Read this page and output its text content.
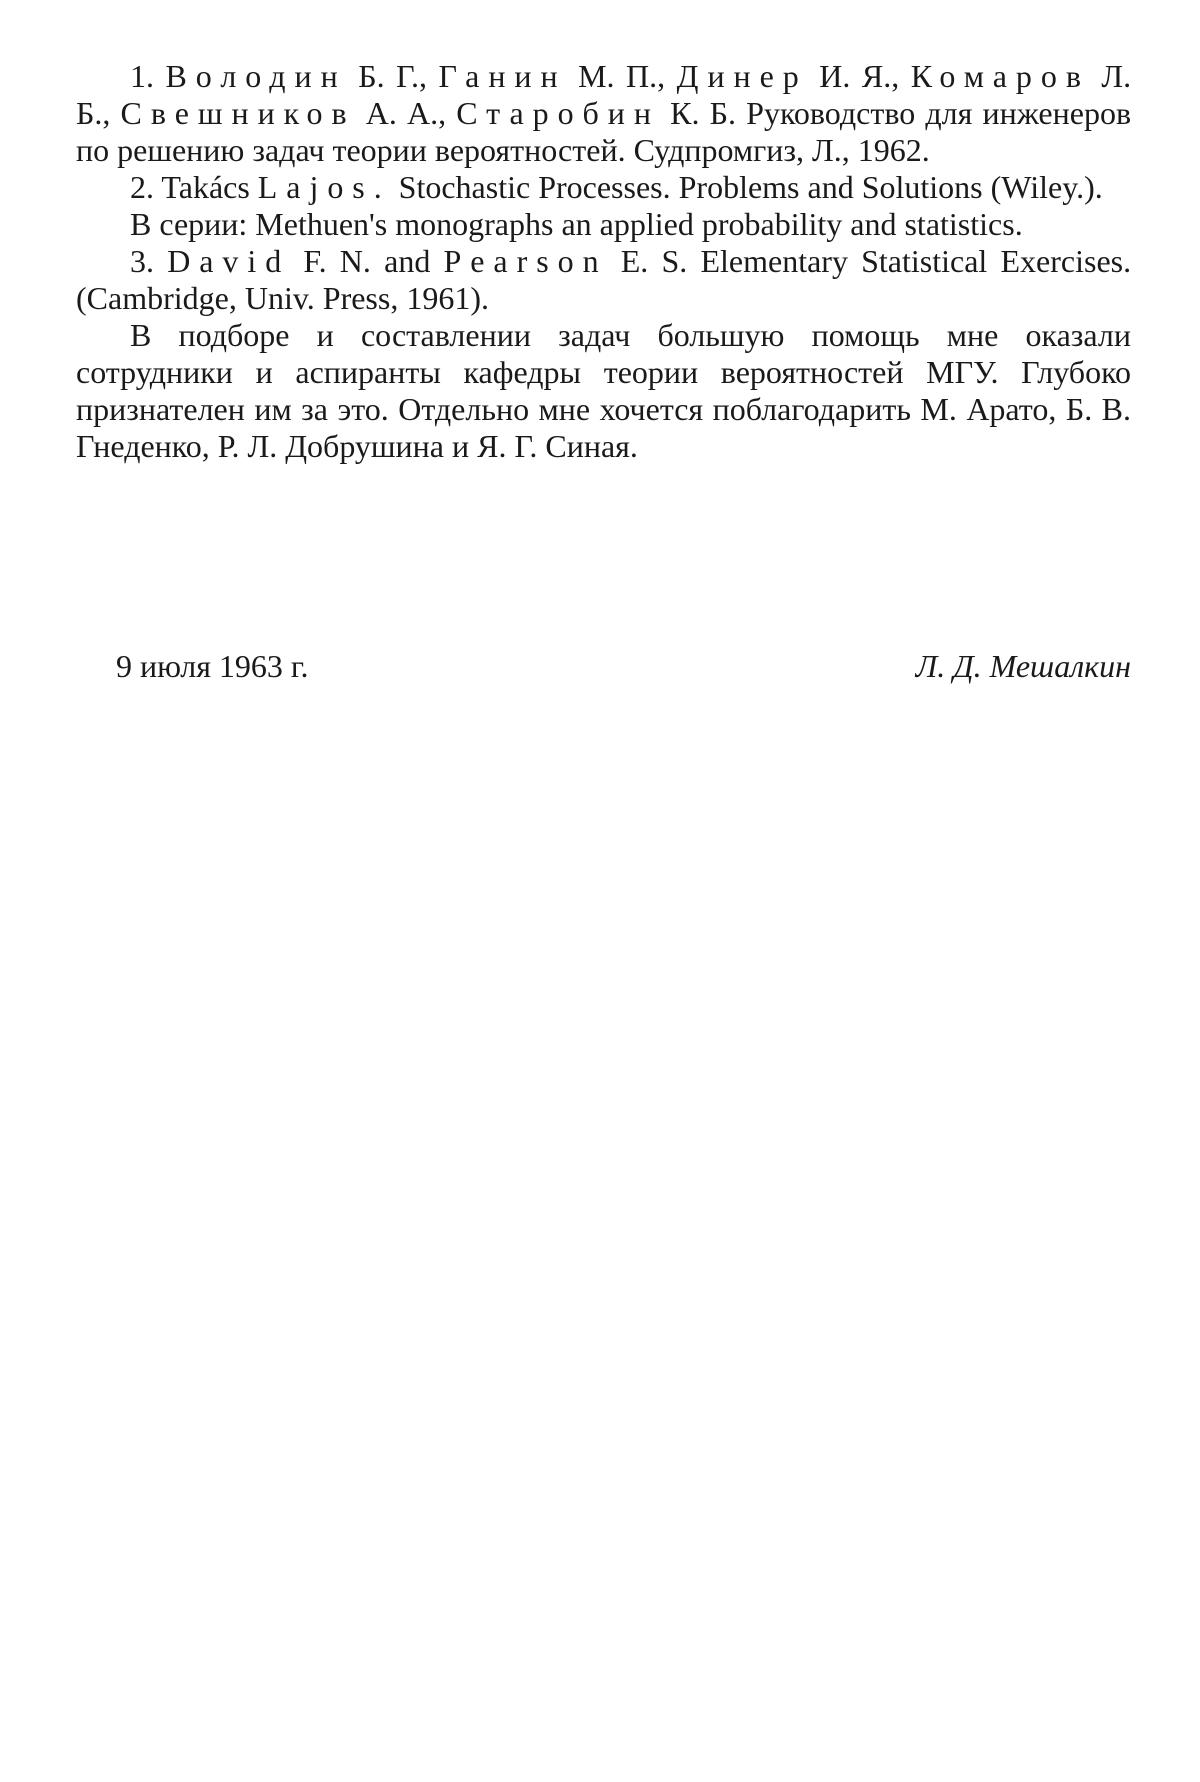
1. Володин Б. Г., Ганин М. П., Динер И. Я., Комаров Л. Б., Свешников А. А., Старобин К. Б. Руководство для инженеров по решению задач теории вероятностей. Судпромгиз, Л., 1962.

2. Takács Lajos. Stochastic Processes. Problems and Solutions (Wiley.).

В серии: Methuen's monographs an applied probability and statistics.

3. David F. N. and Pearson E. S. Elementary Statistical Exercises. (Cambridge, Univ. Press, 1961).

В подборе и составлении задач большую помощь мне оказали сотрудники и аспиранты кафедры теории вероятностей МГУ. Глубоко признателен им за это. Отдельно мне хочется поблагодарить М. Арато, Б. В. Гнеденко, Р. Л. Добрушина и Я. Г. Синая.

9 июля 1963 г.	Л. Д. Мешалкин
